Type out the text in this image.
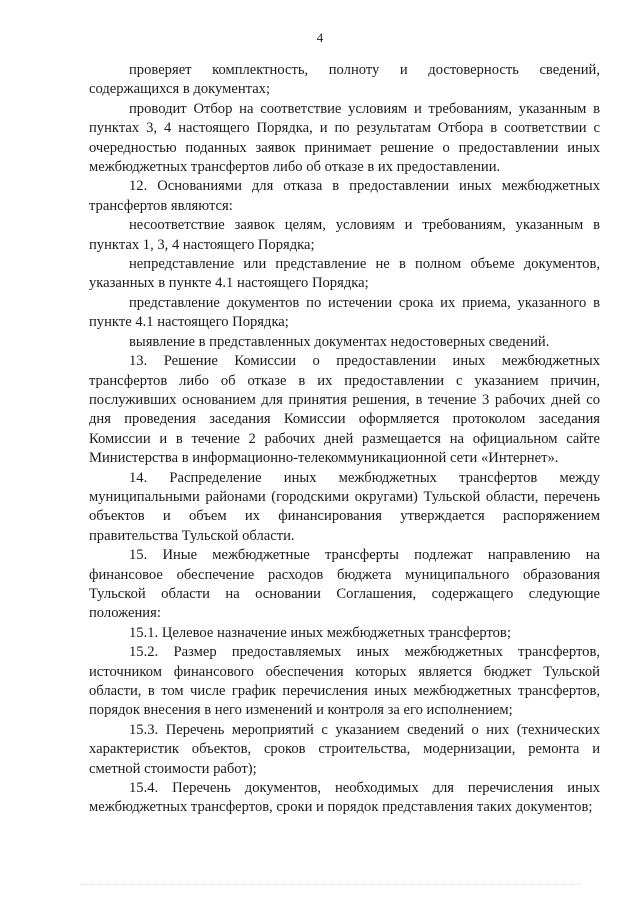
4

проверяет комплектность, полноту и достоверность сведений, содержащихся в документах;

проводит Отбор на соответствие условиям и требованиям, указанным в пунктах 3, 4 настоящего Порядка, и по результатам Отбора в соответствии с очередностью поданных заявок принимает решение о предоставлении иных межбюджетных трансфертов либо об отказе в их предоставлении.

12. Основаниями для отказа в предоставлении иных межбюджетных трансфертов являются:

несоответствие заявок целям, условиям и требованиям, указанным в пунктах 1, 3, 4 настоящего Порядка;

непредставление или представление не в полном объеме документов, указанных в пункте 4.1 настоящего Порядка;

представление документов по истечении срока их приема, указанного в пункте 4.1 настоящего Порядка;

выявление в представленных документах недостоверных сведений.

13. Решение Комиссии о предоставлении иных межбюджетных трансфертов либо об отказе в их предоставлении с указанием причин, послуживших основанием для принятия решения, в течение 3 рабочих дней со дня проведения заседания Комиссии оформляется протоколом заседания Комиссии и в течение 2 рабочих дней размещается на официальном сайте Министерства в информационно-телекоммуникационной сети «Интернет».

14. Распределение иных межбюджетных трансфертов между муниципальными районами (городскими округами) Тульской области, перечень объектов и объем их финансирования утверждается распоряжением правительства Тульской области.

15. Иные межбюджетные трансферты подлежат направлению на финансовое обеспечение расходов бюджета муниципального образования Тульской области на основании Соглашения, содержащего следующие положения:

15.1. Целевое назначение иных межбюджетных трансфертов;

15.2. Размер предоставляемых иных межбюджетных трансфертов, источником финансового обеспечения которых является бюджет Тульской области, в том числе график перечисления иных межбюджетных трансфертов, порядок внесения в него изменений и контроля за его исполнением;

15.3. Перечень мероприятий с указанием сведений о них (технических характеристик объектов, сроков строительства, модернизации, ремонта и сметной стоимости работ);

15.4. Перечень документов, необходимых для перечисления иных межбюджетных трансфертов, сроки и порядок представления таких документов;
